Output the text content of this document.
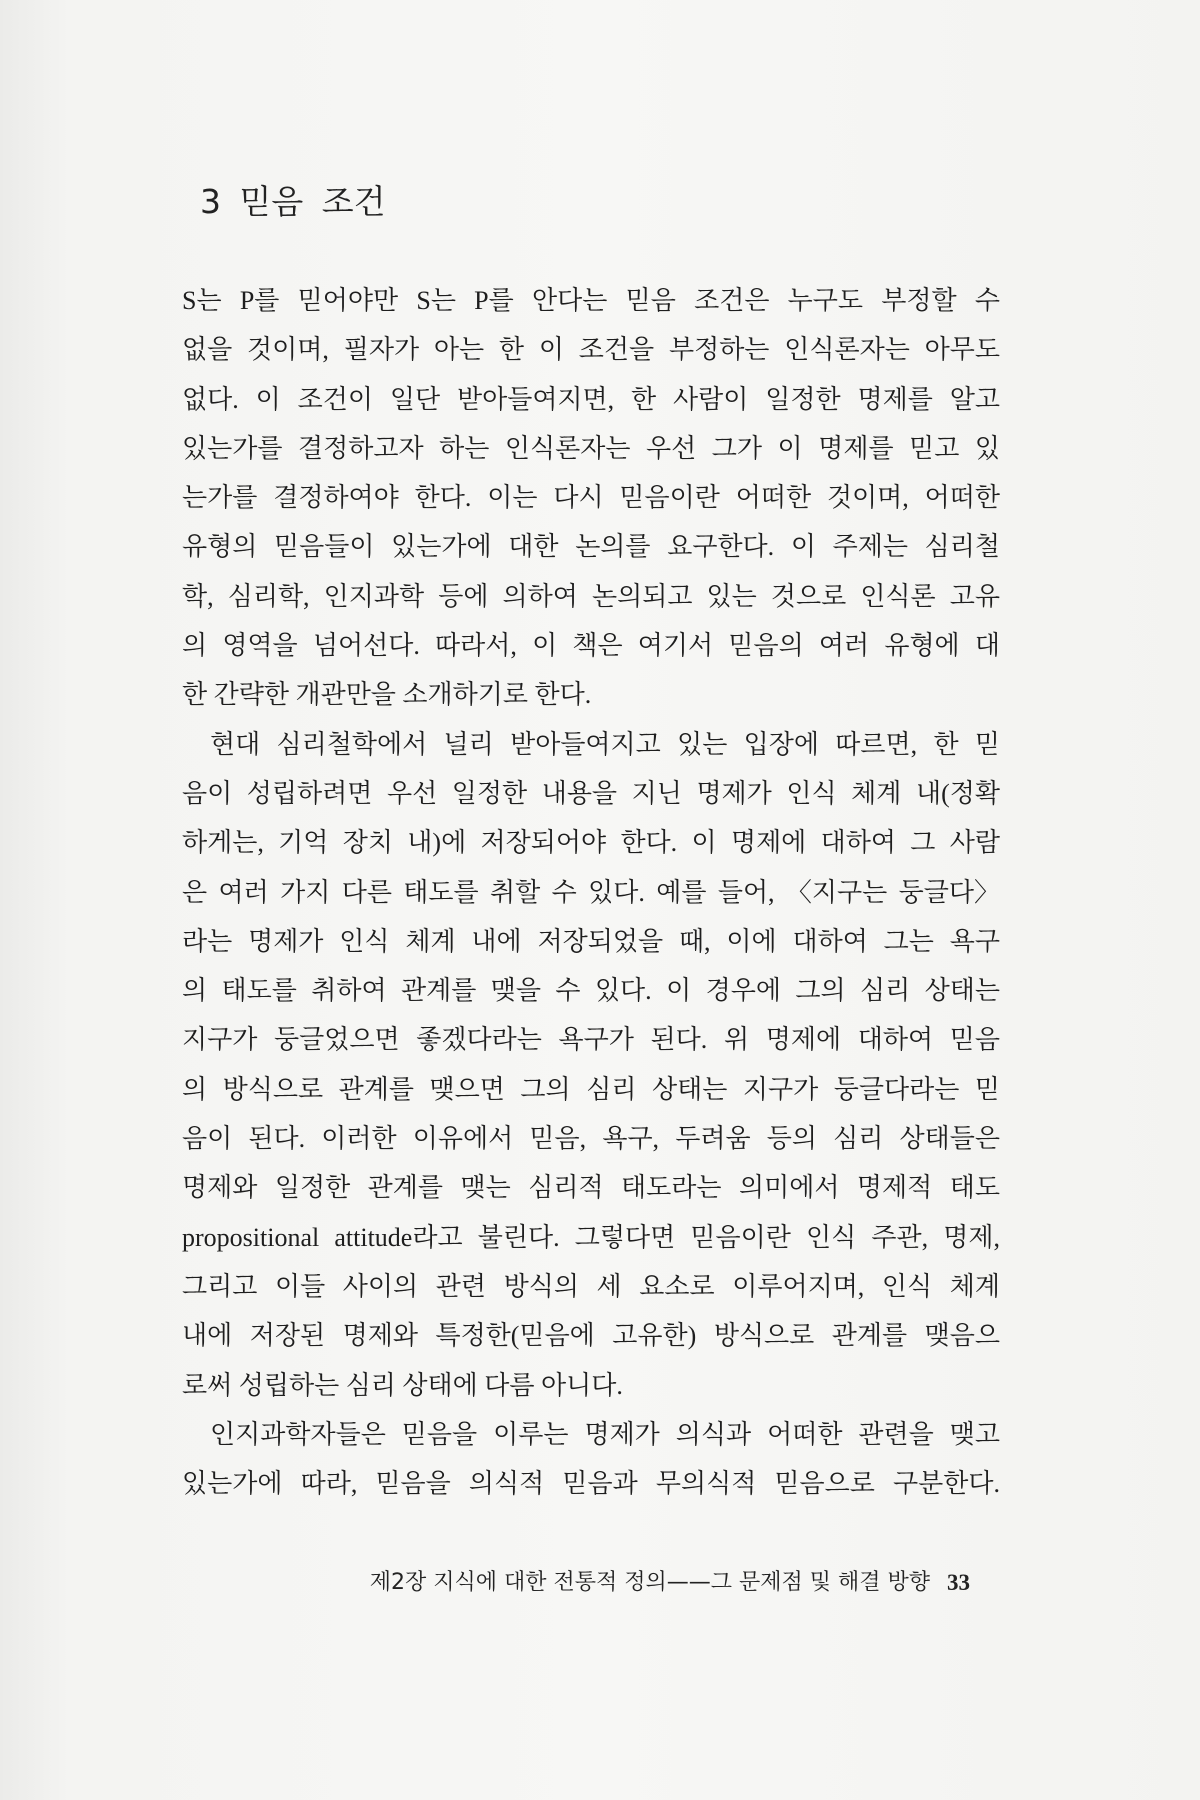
3 믿음 조건
S는 P를 믿어야만 S는 P를 안다는 믿음 조건은 누구도 부정할 수
없을 것이며, 필자가 아는 한 이 조건을 부정하는 인식론자는 아무도
없다. 이 조건이 일단 받아들여지면, 한 사람이 일정한 명제를 알고
있는가를 결정하고자 하는 인식론자는 우선 그가 이 명제를 믿고 있
는가를 결정하여야 한다. 이는 다시 믿음이란 어떠한 것이며, 어떠한
유형의 믿음들이 있는가에 대한 논의를 요구한다. 이 주제는 심리철
학, 심리학, 인지과학 등에 의하여 논의되고 있는 것으로 인식론 고유
의 영역을 넘어선다. 따라서, 이 책은 여기서 믿음의 여러 유형에 대
한 간략한 개관만을 소개하기로 한다.
현대 심리철학에서 널리 받아들여지고 있는 입장에 따르면, 한 믿
음이 성립하려면 우선 일정한 내용을 지닌 명제가 인식 체계 내(정확
하게는, 기억 장치 내)에 저장되어야 한다. 이 명제에 대하여 그 사람
은 여러 가지 다른 태도를 취할 수 있다. 예를 들어, 〈지구는 둥글다〉
라는 명제가 인식 체계 내에 저장되었을 때, 이에 대하여 그는 욕구
의 태도를 취하여 관계를 맺을 수 있다. 이 경우에 그의 심리 상태는
지구가 둥글었으면 좋겠다라는 욕구가 된다. 위 명제에 대하여 믿음
의 방식으로 관계를 맺으면 그의 심리 상태는 지구가 둥글다라는 믿
음이 된다. 이러한 이유에서 믿음, 욕구, 두려움 등의 심리 상태들은
명제와 일정한 관계를 맺는 심리적 태도라는 의미에서 명제적 태도
propositional attitude라고 불린다. 그렇다면 믿음이란 인식 주관, 명제,
그리고 이들 사이의 관련 방식의 세 요소로 이루어지며, 인식 체계
내에 저장된 명제와 특정한(믿음에 고유한) 방식으로 관계를 맺음으
로써 성립하는 심리 상태에 다름 아니다.
인지과학자들은 믿음을 이루는 명제가 의식과 어떠한 관련을 맺고
있는가에 따라, 믿음을 의식적 믿음과 무의식적 믿음으로 구분한다.
제2장 지식에 대한 전통적 정의——그 문제점 및 해결 방향 33
